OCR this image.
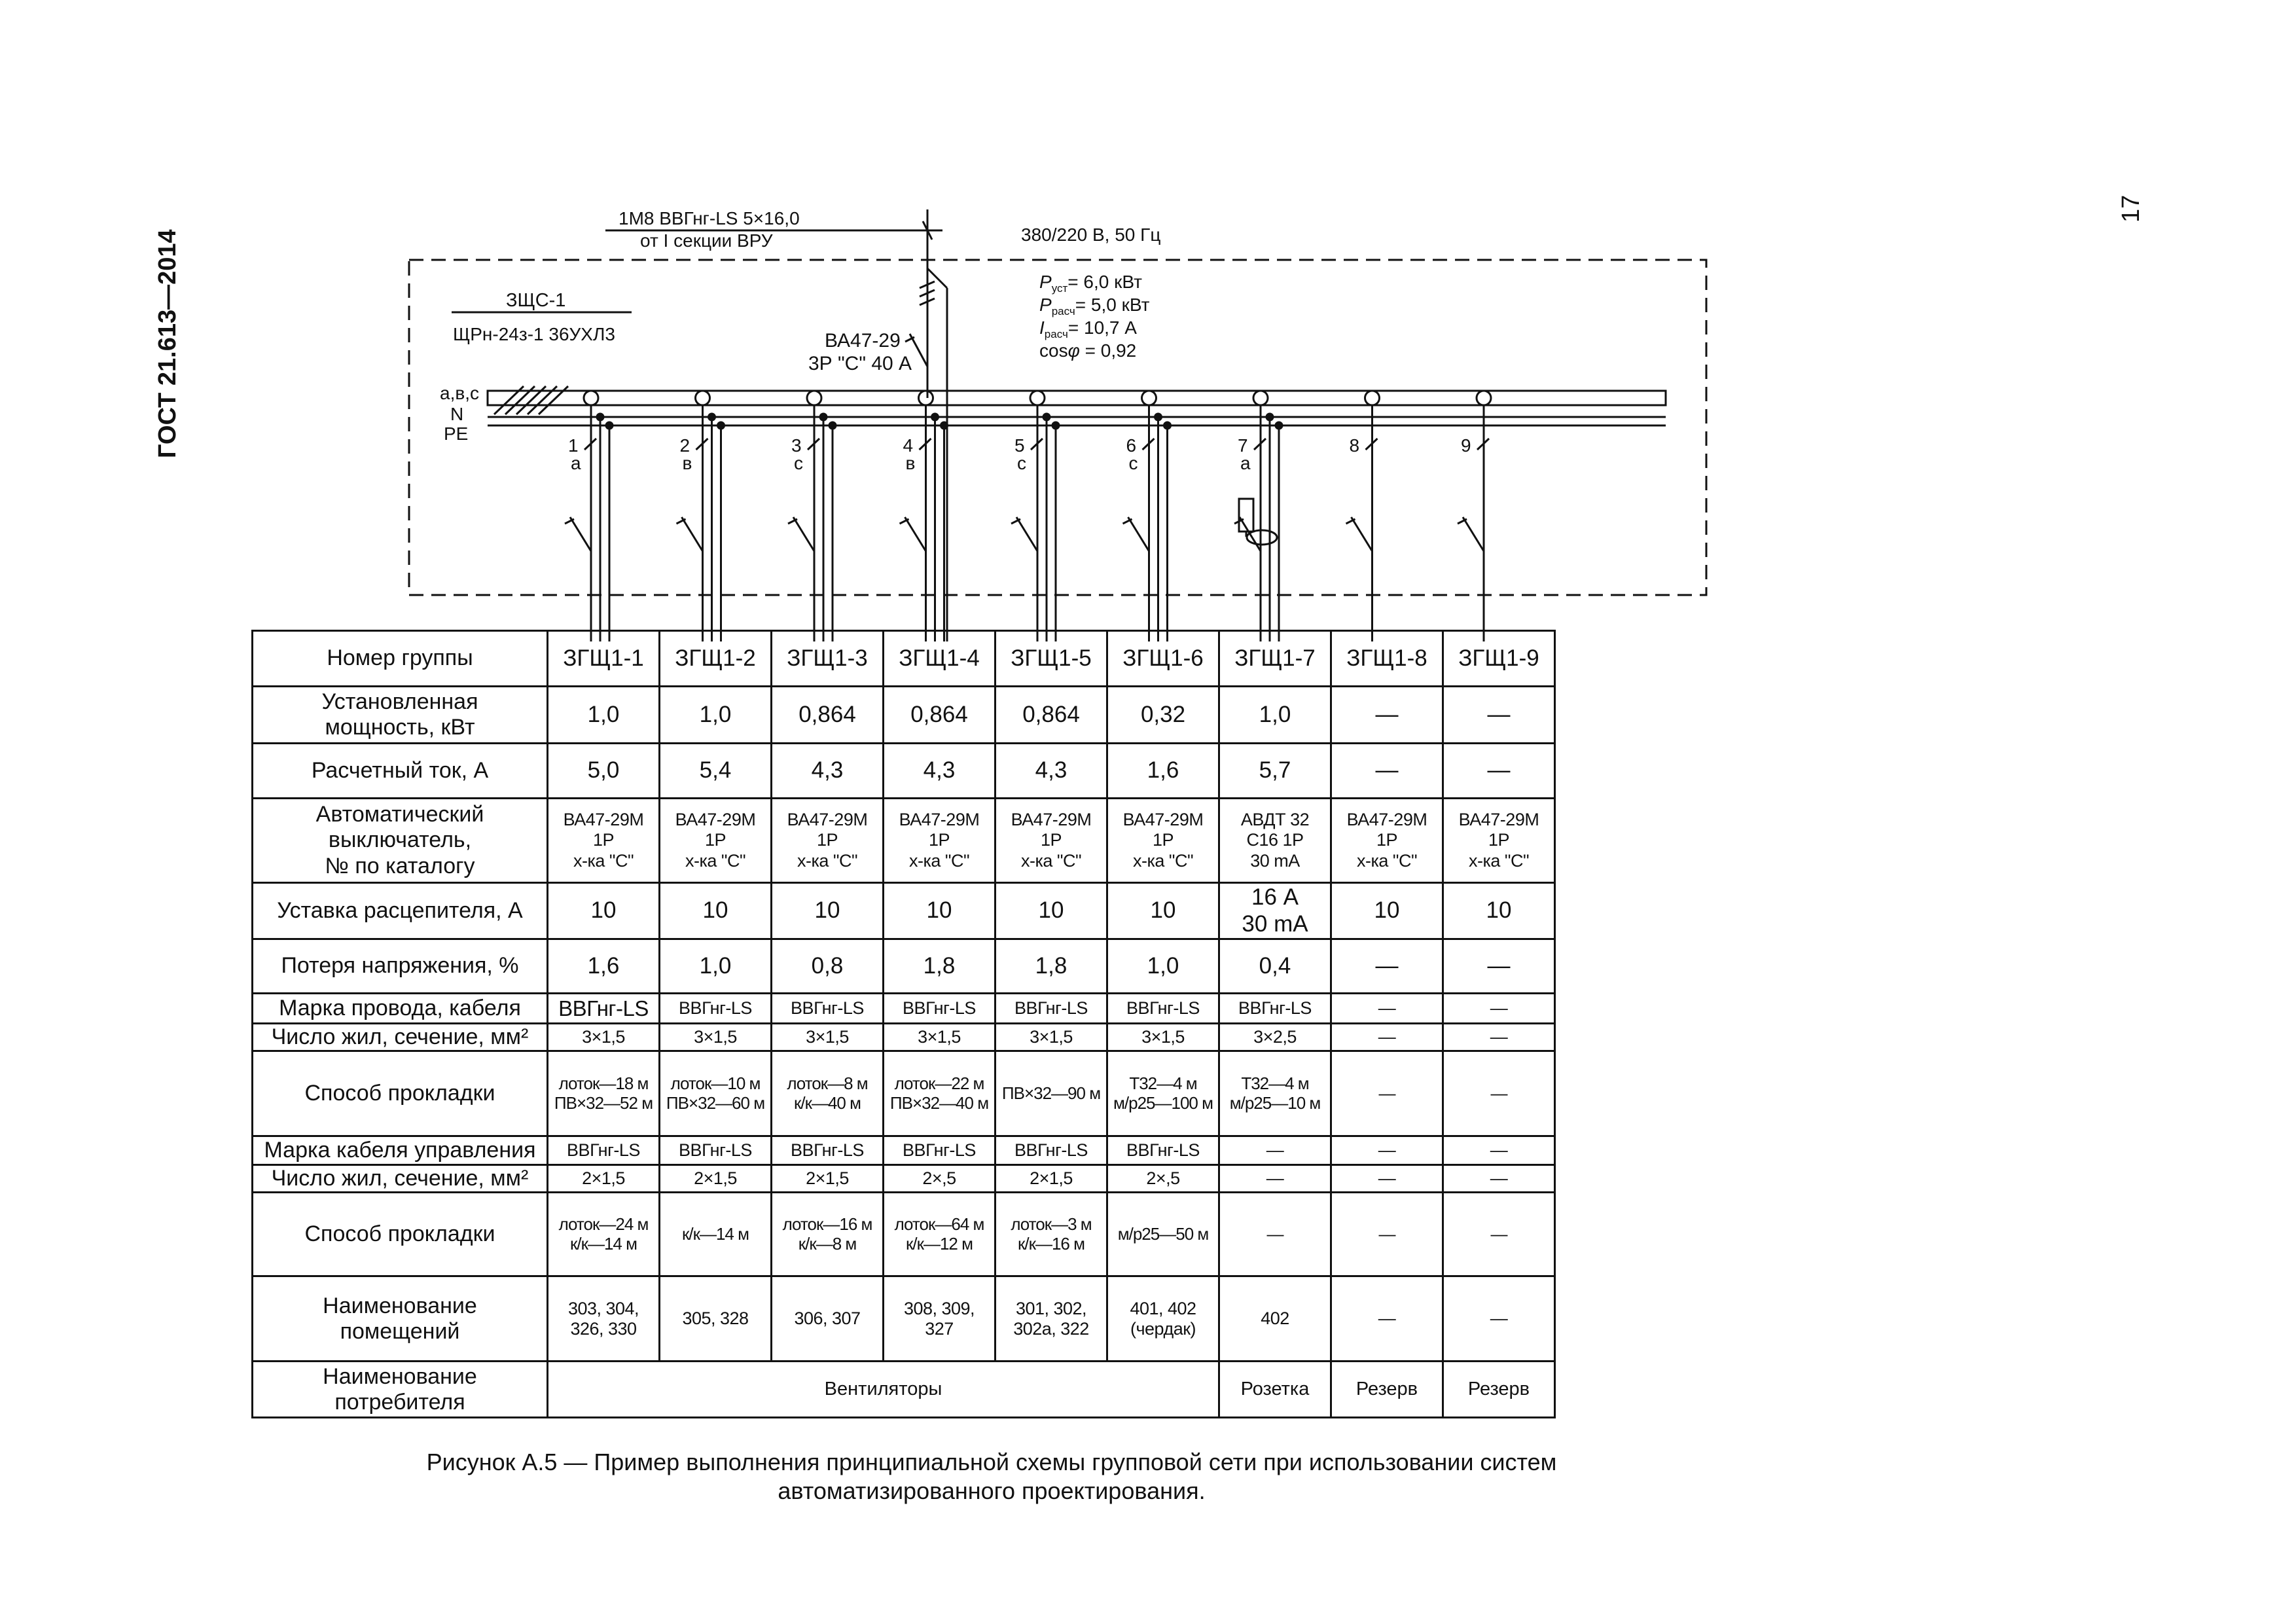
ГОСТ 21.613—2014
17
1М8 ВВГнг-LS 5×16,0
от I секции ВРУ	380/220 В, 50 Гц
ЗЩС-1
ЩРн-24з-1 36УХЛ3	ВА47-29
3Р "С" 40 А
$P_{уст}= 6,0$ кВт
$P_{расч}= 5,0$ кВт
$I_{расч}= 10,7$ А
cosφ = 0,92
а,в,с
N
PE
1
а
2
в
3
с
4
в
5
с
6
с
7
а
8	9
Номер группы	ЗГЩ1-1	ЗГЩ1-2	ЗГЩ1-3	ЗГЩ1-4	ЗГЩ1-5	ЗГЩ1-6	ЗГЩ1-7	ЗГЩ1-8	ЗГЩ1-9
Установленная
мощность, кВт	1,0	1,0	0,864	0,864	0,864	0,32	1,0	—	—
Расчетный ток, А	5,0	5,4	4,3	4,3	4,3	1,6	5,7	—	—
Автоматический
выключатель,
№ по каталогу	ВА47-29М
1Р
х-ка "С"	ВА47-29М
1Р
х-ка "С"	ВА47-29М
1Р
х-ка "С"	ВА47-29М
1Р
х-ка "С"	ВА47-29М
1Р
х-ка "С"	ВА47-29М
1Р
х-ка "С"	АВДТ 32
С16 1Р
30 mA	ВА47-29М
1Р
х-ка "С"	ВА47-29М
1Р
х-ка "С"
Уставка расцепителя, А	10	10	10	10	10	10	16 А
30 mA	10	10
Потеря напряжения, %	1,6	1,0	0,8	1,8	1,8	1,0	0,4	—	—
Марка провода, кабеля	ВВГнг-LS	ВВГнг-LS	ВВГнг-LS	ВВГнг-LS	ВВГнг-LS	ВВГнг-LS	ВВГнг-LS	—	—
Число жил, сечение, мм²	3×1,5	3×1,5	3×1,5	3×1,5	3×1,5	3×1,5	3×2,5	—	—
Способ прокладки	лоток—18 м
ПВ×32—52 м	лоток—10 м
ПВ×32—60 м	лоток—8 м
к/к—40 м	лоток—22 м
ПВ×32—40 м	ПВ×32—90 м	Т32—4 м
м/р25—100 м	Т32—4 м
м/р25—10 м	—	—
Марка кабеля управления	ВВГнг-LS	ВВГнг-LS	ВВГнг-LS	ВВГнг-LS	ВВГнг-LS	ВВГнг-LS	—	—	—
Число жил, сечение, мм²	2×1,5	2×1,5	2×1,5	2×,5	2×1,5	2×,5	—	—	—
Способ прокладки	лоток—24 м
к/к—14 м	к/к—14 м	лоток—16 м
к/к—8 м	лоток—64 м
к/к—12 м	лоток—3 м
к/к—16 м	м/р25—50 м	—	—	—
Наименование
помещений	303, 304,
326, 330	305, 328	306, 307	308, 309,
327	301, 302,
302а, 322	401, 402
(чердак)	402	—	—
Наименование
потребителя	Вентиляторы						Розетка	Резерв	Резерв
Рисунок А.5 — Пример выполнения принципиальной схемы групповой сети при использовании систем
автоматизированного проектирования.
